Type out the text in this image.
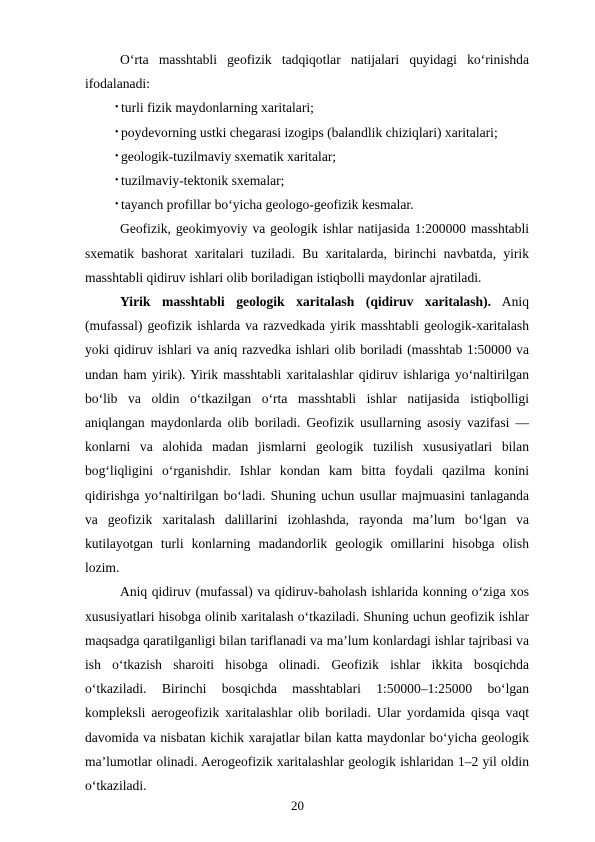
O‘rta masshtabli geofizik tadqiqotlar natijalari quyidagi ko‘rinishda ifodalanadi:

• turli fizik maydonlarning xaritalari;
• poydevorning ustki chegarasi izogips (balandlik chiziqlari) xaritalari;
• geologik-tuzilmaviy sxematik xaritalar;
• tuzilmaviy-tektonik sxemalar;
• tayanch profillar bo‘yicha geologo-geofizik kesmalar.

Geofizik, geokimyoviy va geologik ishlar natijasida 1:200000 masshtabli sxematik bashorat xaritalari tuziladi. Bu xaritalarda, birinchi navbatda, yirik masshtabli qidiruv ishlari olib boriladigan istiqbolli maydonlar ajratiladi.

Yirik masshtabli geologik xaritalash (qidiruv xaritalash). Aniq (mufassal) geofizik ishlarda va razvedkada yirik masshtabli geologik-xaritalash yoki qidiruv ishlari va aniq razvedka ishlari olib boriladi (masshtab 1:50000 va undan ham yirik). Yirik masshtabli xaritalashlar qidiruv ishlariga yo‘naltirilgan bo‘lib va oldin o‘tkazilgan o‘rta masshtabli ishlar natijasida istiqbolligi aniqlangan maydonlarda olib boriladi. Geofizik usullarning asosiy vazifasi — konlarni va alohida madan jismlarni geologik tuzilish xususiyatlari bilan bog‘liqligini o‘rganishdir. Ishlar kondan kam bitta foydali qazilma konini qidirishga yo‘naltirilgan bo‘ladi. Shuning uchun usullar majmuasini tanlaganda va geofizik xaritalash dalillarini izohlashda, rayonda ma’lum bo‘lgan va kutilayotgan turli konlarning madandorlik geologik omillarini hisobga olish lozim.

Aniq qidiruv (mufassal) va qidiruv-baholash ishlarida konning o‘ziga xos xususiyatlari hisobga olinib xaritalash o‘tkaziladi. Shuning uchun geofizik ishlar maqsadga qaratilganligi bilan tariflanadi va ma’lum konlardagi ishlar tajribasi va ish o‘tkazish sharoiti hisobga olinadi. Geofizik ishlar ikkita bosqichda o‘tkaziladi. Birinchi bosqichda masshtablari 1:50000–1:25000 bo‘lgan kompleksli aerogeofizik xaritalashlar olib boriladi. Ular yordamida qisqa vaqt davomida va nisbatan kichik xarajatlar bilan katta maydonlar bo‘yicha geologik ma’lumotlar olinadi. Aerogeofizik xaritalashlar geologik ishlaridan 1–2 yil oldin o‘tkaziladi.

20
